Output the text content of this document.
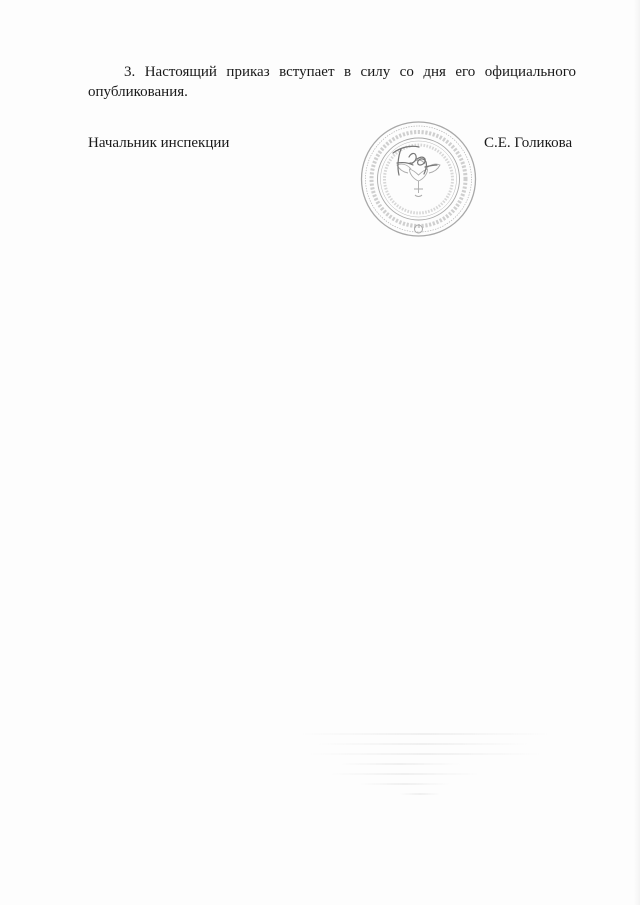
3. Настоящий приказ вступает в силу со дня его официального опубликования.

Начальник инспекции	С.Е. Голикова
